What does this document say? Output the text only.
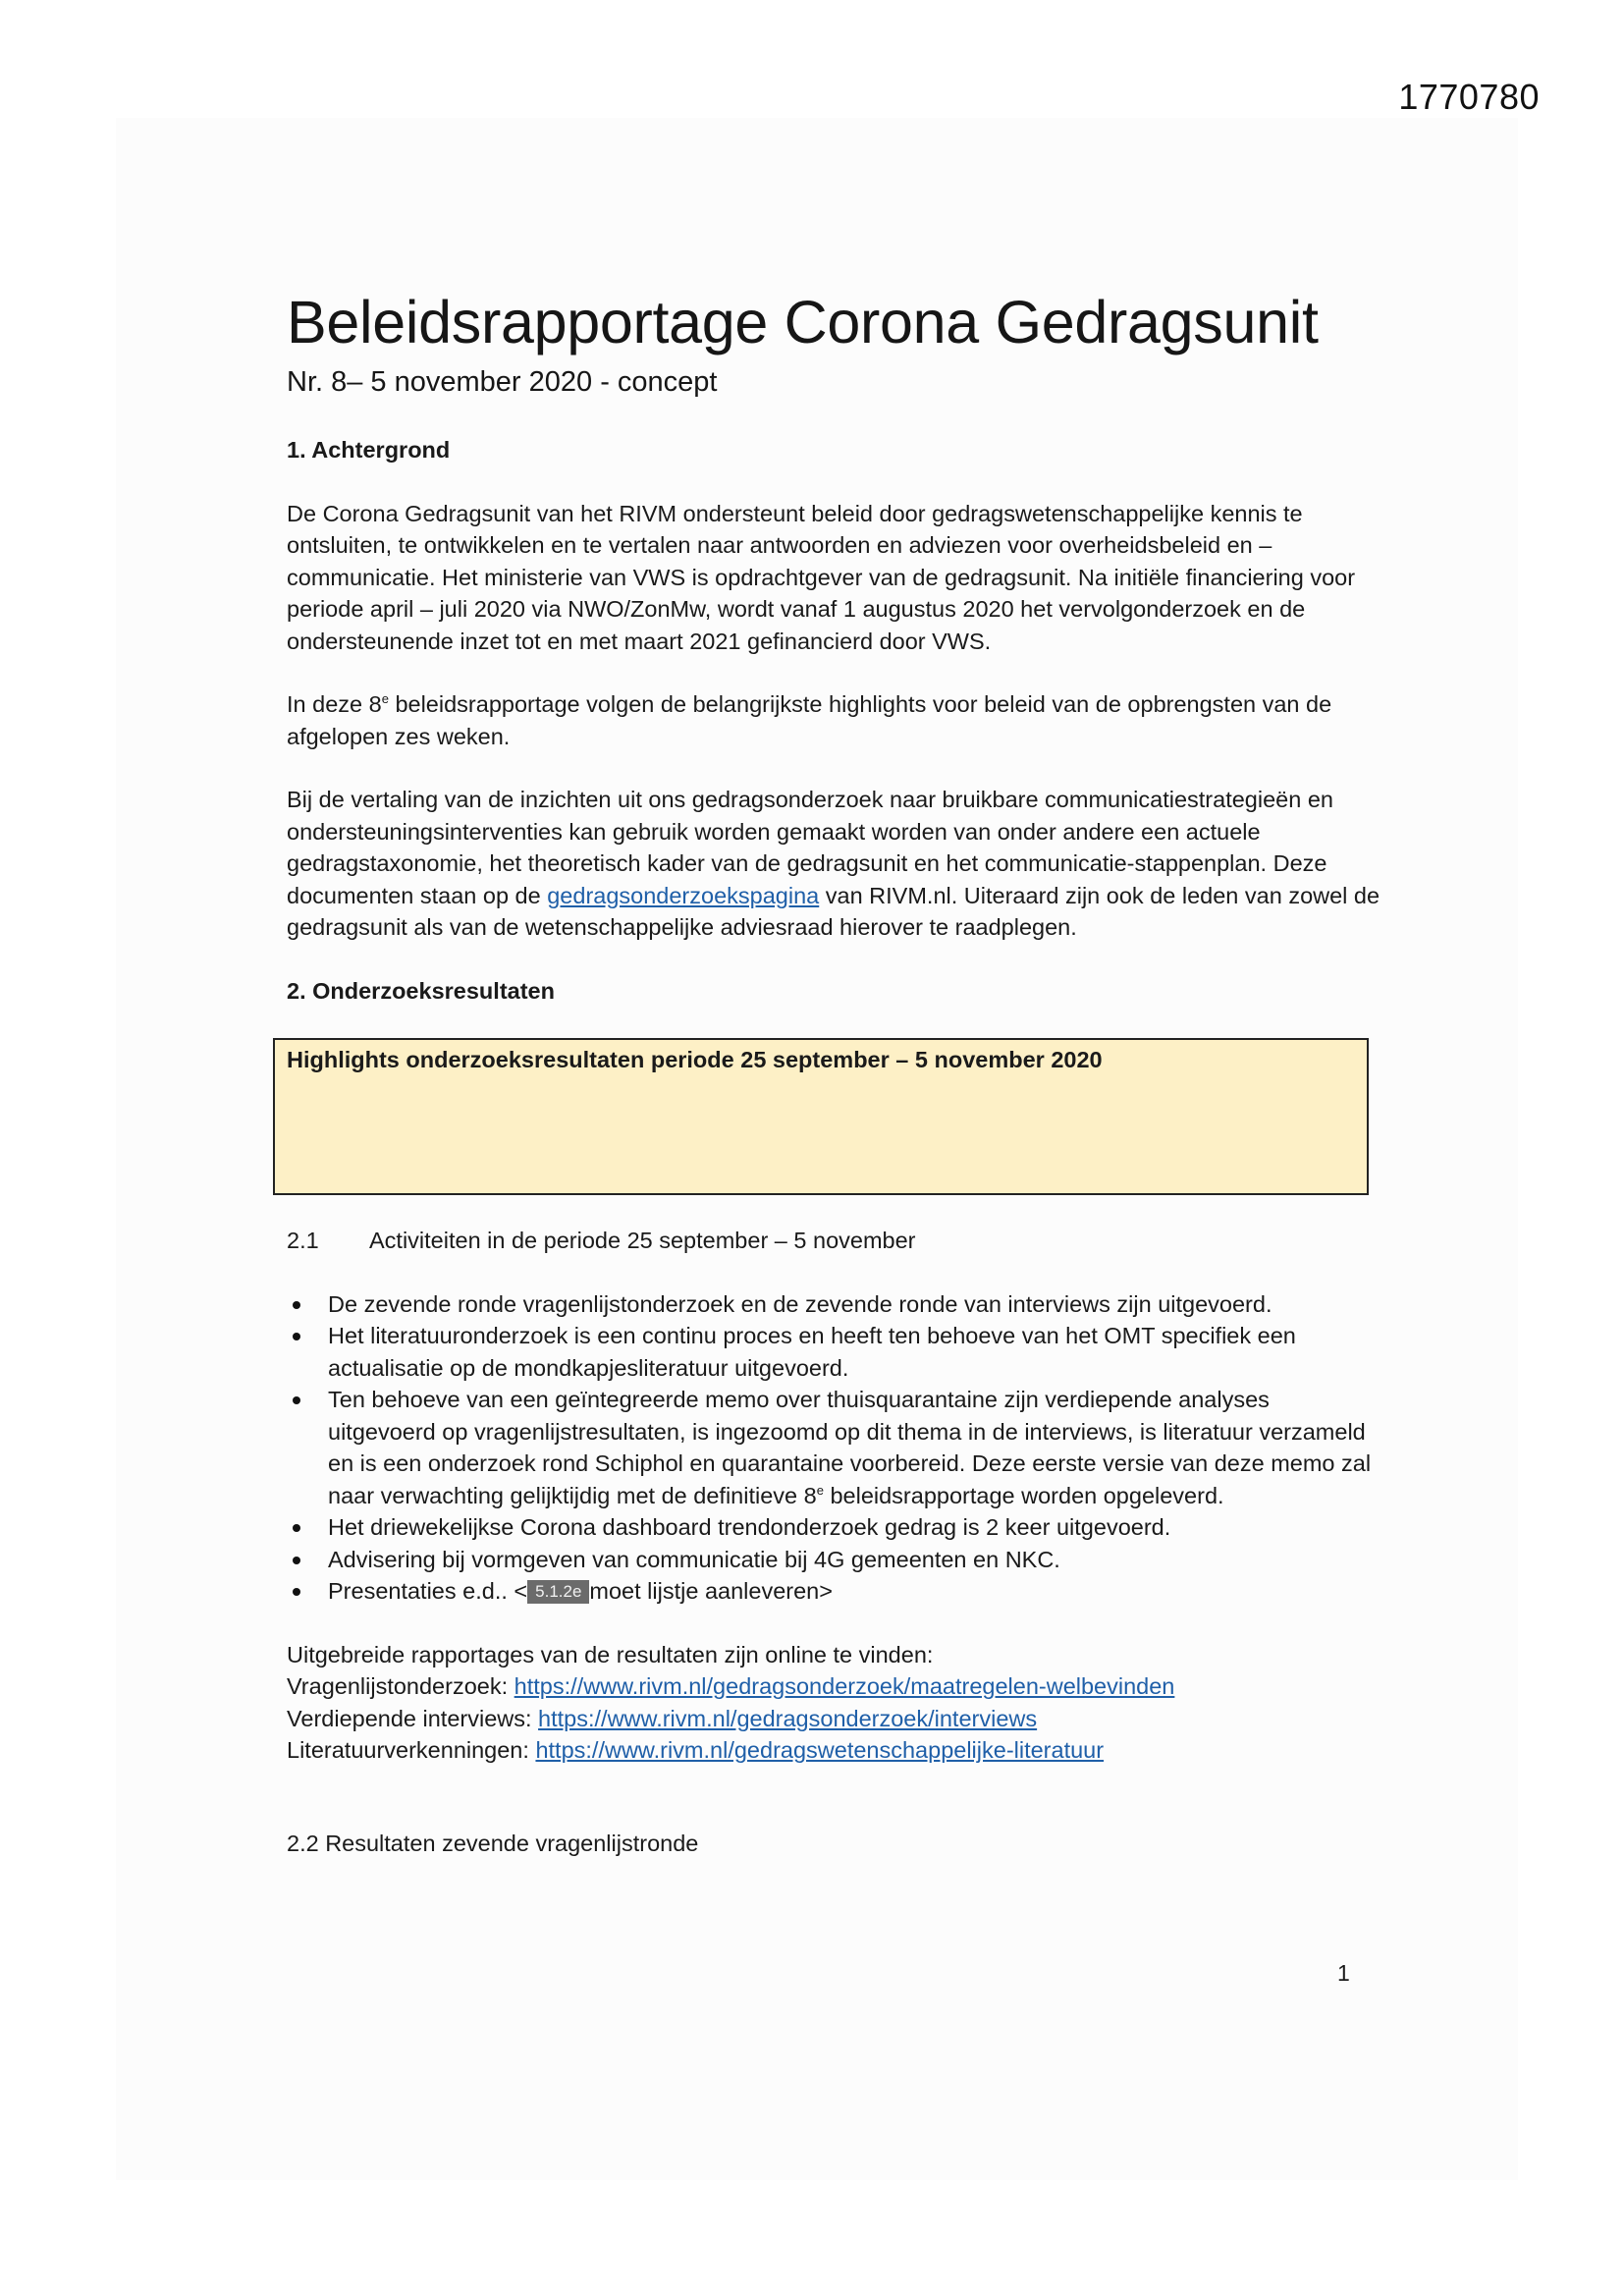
1770780
Beleidsrapportage Corona Gedragsunit
Nr. 8– 5 november 2020 - concept
1. Achtergrond

De Corona Gedragsunit van het RIVM ondersteunt beleid door gedragswetenschappelijke kennis te ontsluiten, te ontwikkelen en te vertalen naar antwoorden en adviezen voor overheidsbeleid en – communicatie. Het ministerie van VWS is opdrachtgever van de gedragsunit. Na initiële financiering voor periode april – juli 2020 via NWO/ZonMw, wordt vanaf 1 augustus 2020 het vervolgonderzoek en de ondersteunende inzet tot en met maart 2021 gefinancierd door VWS.

In deze 8e beleidsrapportage volgen de belangrijkste highlights voor beleid van de opbrengsten van de afgelopen zes weken.

Bij de vertaling van de inzichten uit ons gedragsonderzoek naar bruikbare communicatiestrategieën en ondersteuningsinterventies kan gebruik worden gemaakt worden van onder andere een actuele gedragstaxonomie, het theoretisch kader van de gedragsunit en het communicatie-stappenplan. Deze documenten staan op de gedragsonderzoekspagina van RIVM.nl. Uiteraard zijn ook de leden van zowel de gedragsunit als van de wetenschappelijke adviesraad hierover te raadplegen.

2. Onderzoeksresultaten
Highlights onderzoeksresultaten periode 25 september – 5 november 2020
2.1	Activiteiten in de periode 25 september – 5 november
De zevende ronde vragenlijstonderzoek en de zevende ronde van interviews zijn uitgevoerd.
Het literatuuronderzoek is een continu proces en heeft ten behoeve van het OMT specifiek een actualisatie op de mondkapjesliteratuur uitgevoerd.
Ten behoeve van een geïntegreerde memo over thuisquarantaine zijn verdiepende analyses uitgevoerd op vragenlijstresultaten, is ingezoomd op dit thema in de interviews, is literatuur verzameld en is een onderzoek rond Schiphol en quarantaine voorbereid. Deze eerste versie van deze memo zal naar verwachting gelijktijdig met de definitieve 8e beleidsrapportage worden opgeleverd.
Het driewekelijkse Corona dashboard trendonderzoek gedrag is 2 keer uitgevoerd.
Advisering bij vormgeven van communicatie bij 4G gemeenten en NKC.
Presentaties e.d.. < 5.1.2e moet lijstje aanleveren>

Uitgebreide rapportages van de resultaten zijn online te vinden:

Vragenlijstonderzoek: https://www.rivm.nl/gedragsonderzoek/maatregelen-welbevinden

Verdiepende interviews: https://www.rivm.nl/gedragsonderzoek/interviews

Literatuurverkenningen: https://www.rivm.nl/gedragswetenschappelijke-literatuur

2.2 Resultaten zevende vragenlijstronde
1
